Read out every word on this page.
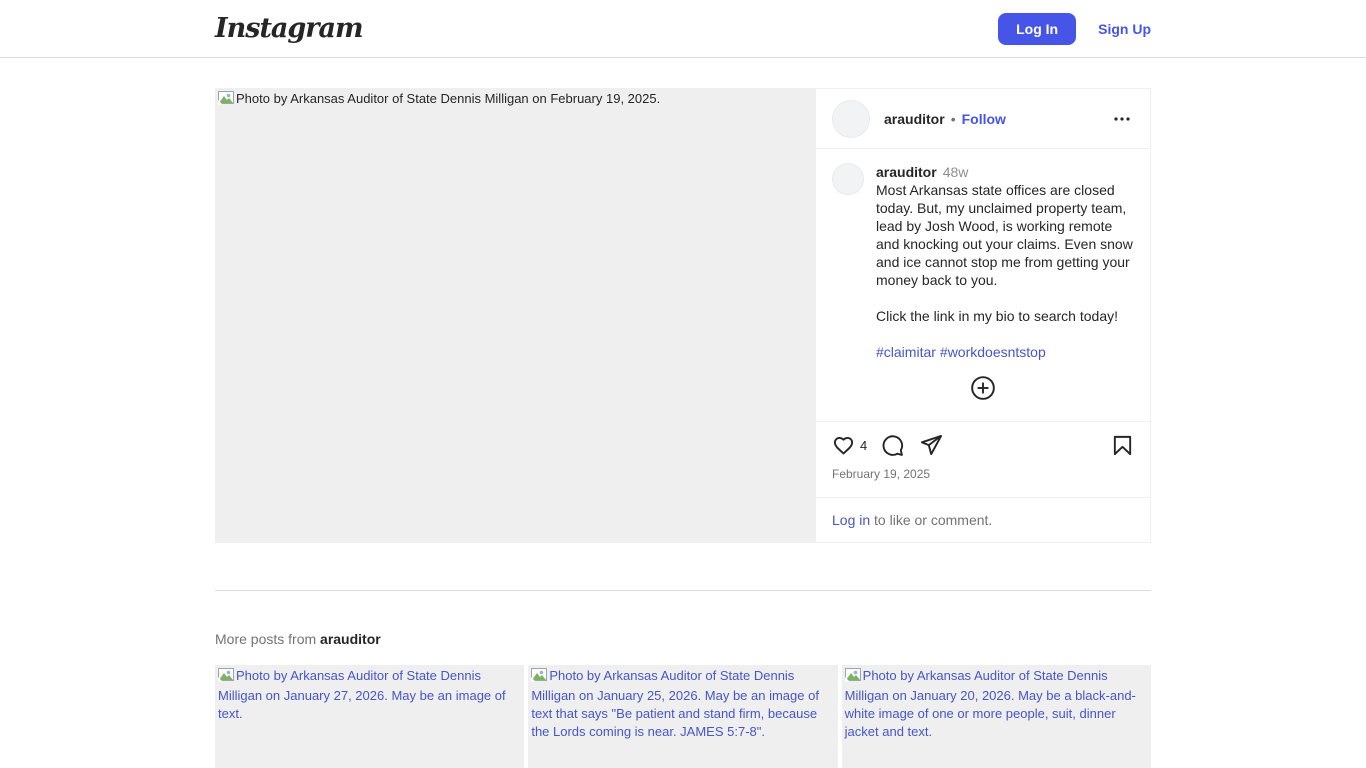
Instagram	Log In	Sign Up
Photo by Arkansas Auditor of State Dennis Milligan on February 19, 2025.
arauditor • Follow
arauditor 48w
Most Arkansas state offices are closed today. But, my unclaimed property team, lead by Josh Wood, is working remote and knocking out your claims. Even snow and ice cannot stop me from getting your money back to you.
Click the link in my bio to search today!
#claimitar #workdoesntstop
4
February 19, 2025
Log in to like or comment.
More posts from arauditor
Photo by Arkansas Auditor of State Dennis Milligan on January 27, 2026. May be an image of text.
Photo by Arkansas Auditor of State Dennis Milligan on January 25, 2026. May be an image of text that says "Be patient and stand firm, because the Lords coming is near. JAMES 5:7-8".
Photo by Arkansas Auditor of State Dennis Milligan on January 20, 2026. May be a black-and-white image of one or more people, suit, dinner jacket and text.
